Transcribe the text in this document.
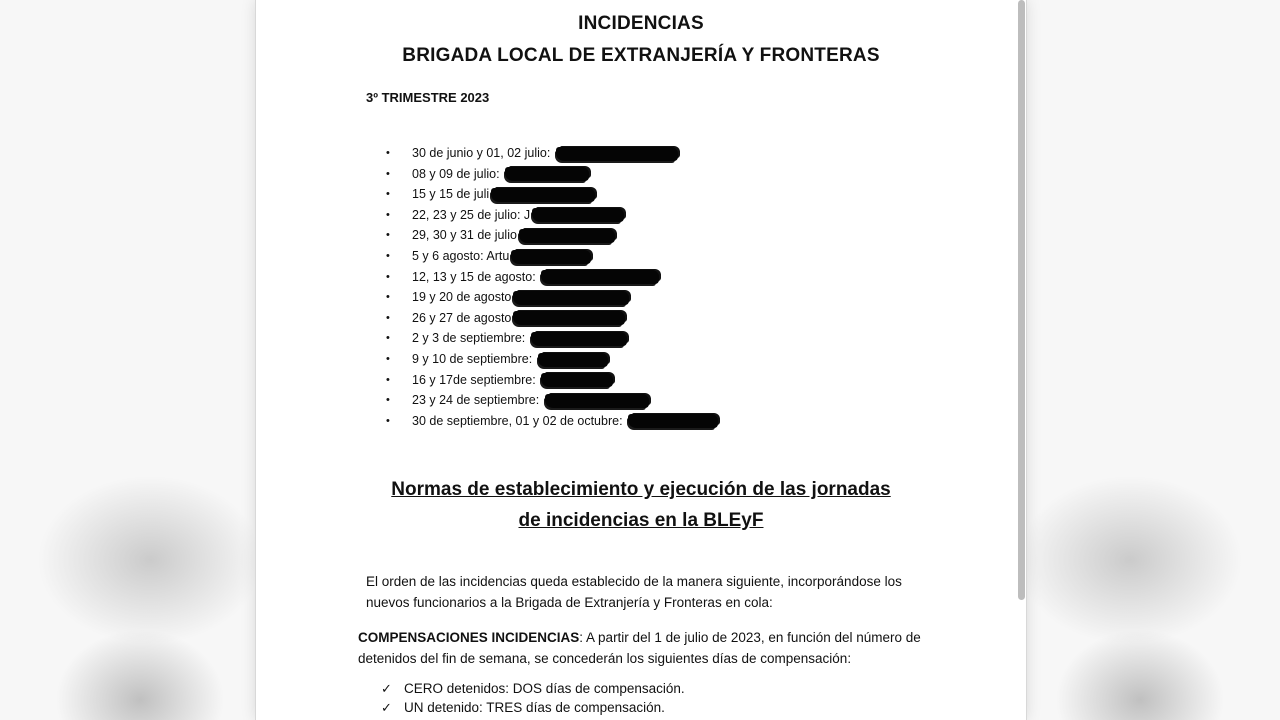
INCIDENCIAS
BRIGADA LOCAL DE EXTRANJERÍA Y FRONTERAS
3º TRIMESTRE 2023
• 30 de junio y 01, 02 julio:
• 08 y 09 de julio:
• 15 y 15 de juli
• 22, 23 y 25 de julio: J
• 29, 30 y 31 de julio
• 5 y 6 agosto: Artu
• 12, 13 y 15 de agosto:
• 19 y 20 de agosto
• 26 y 27 de agosto
• 2 y 3 de septiembre:
• 9 y 10 de septiembre:
• 16 y 17de septiembre:
• 23 y 24 de septiembre:
• 30 de septiembre, 01 y 02 de octubre:
Normas de establecimiento y ejecución de las jornadas
de incidencias en la BLEyF
El orden de las incidencias queda establecido de la manera siguiente, incorporándose los nuevos funcionarios a la Brigada de Extranjería y Fronteras en cola:
COMPENSACIONES INCIDENCIAS: A partir del 1 de julio de 2023, en función del número de detenidos del fin de semana, se concederán los siguientes días de compensación:
✓ CERO detenidos: DOS días de compensación.
✓ UN detenido: TRES días de compensación.
